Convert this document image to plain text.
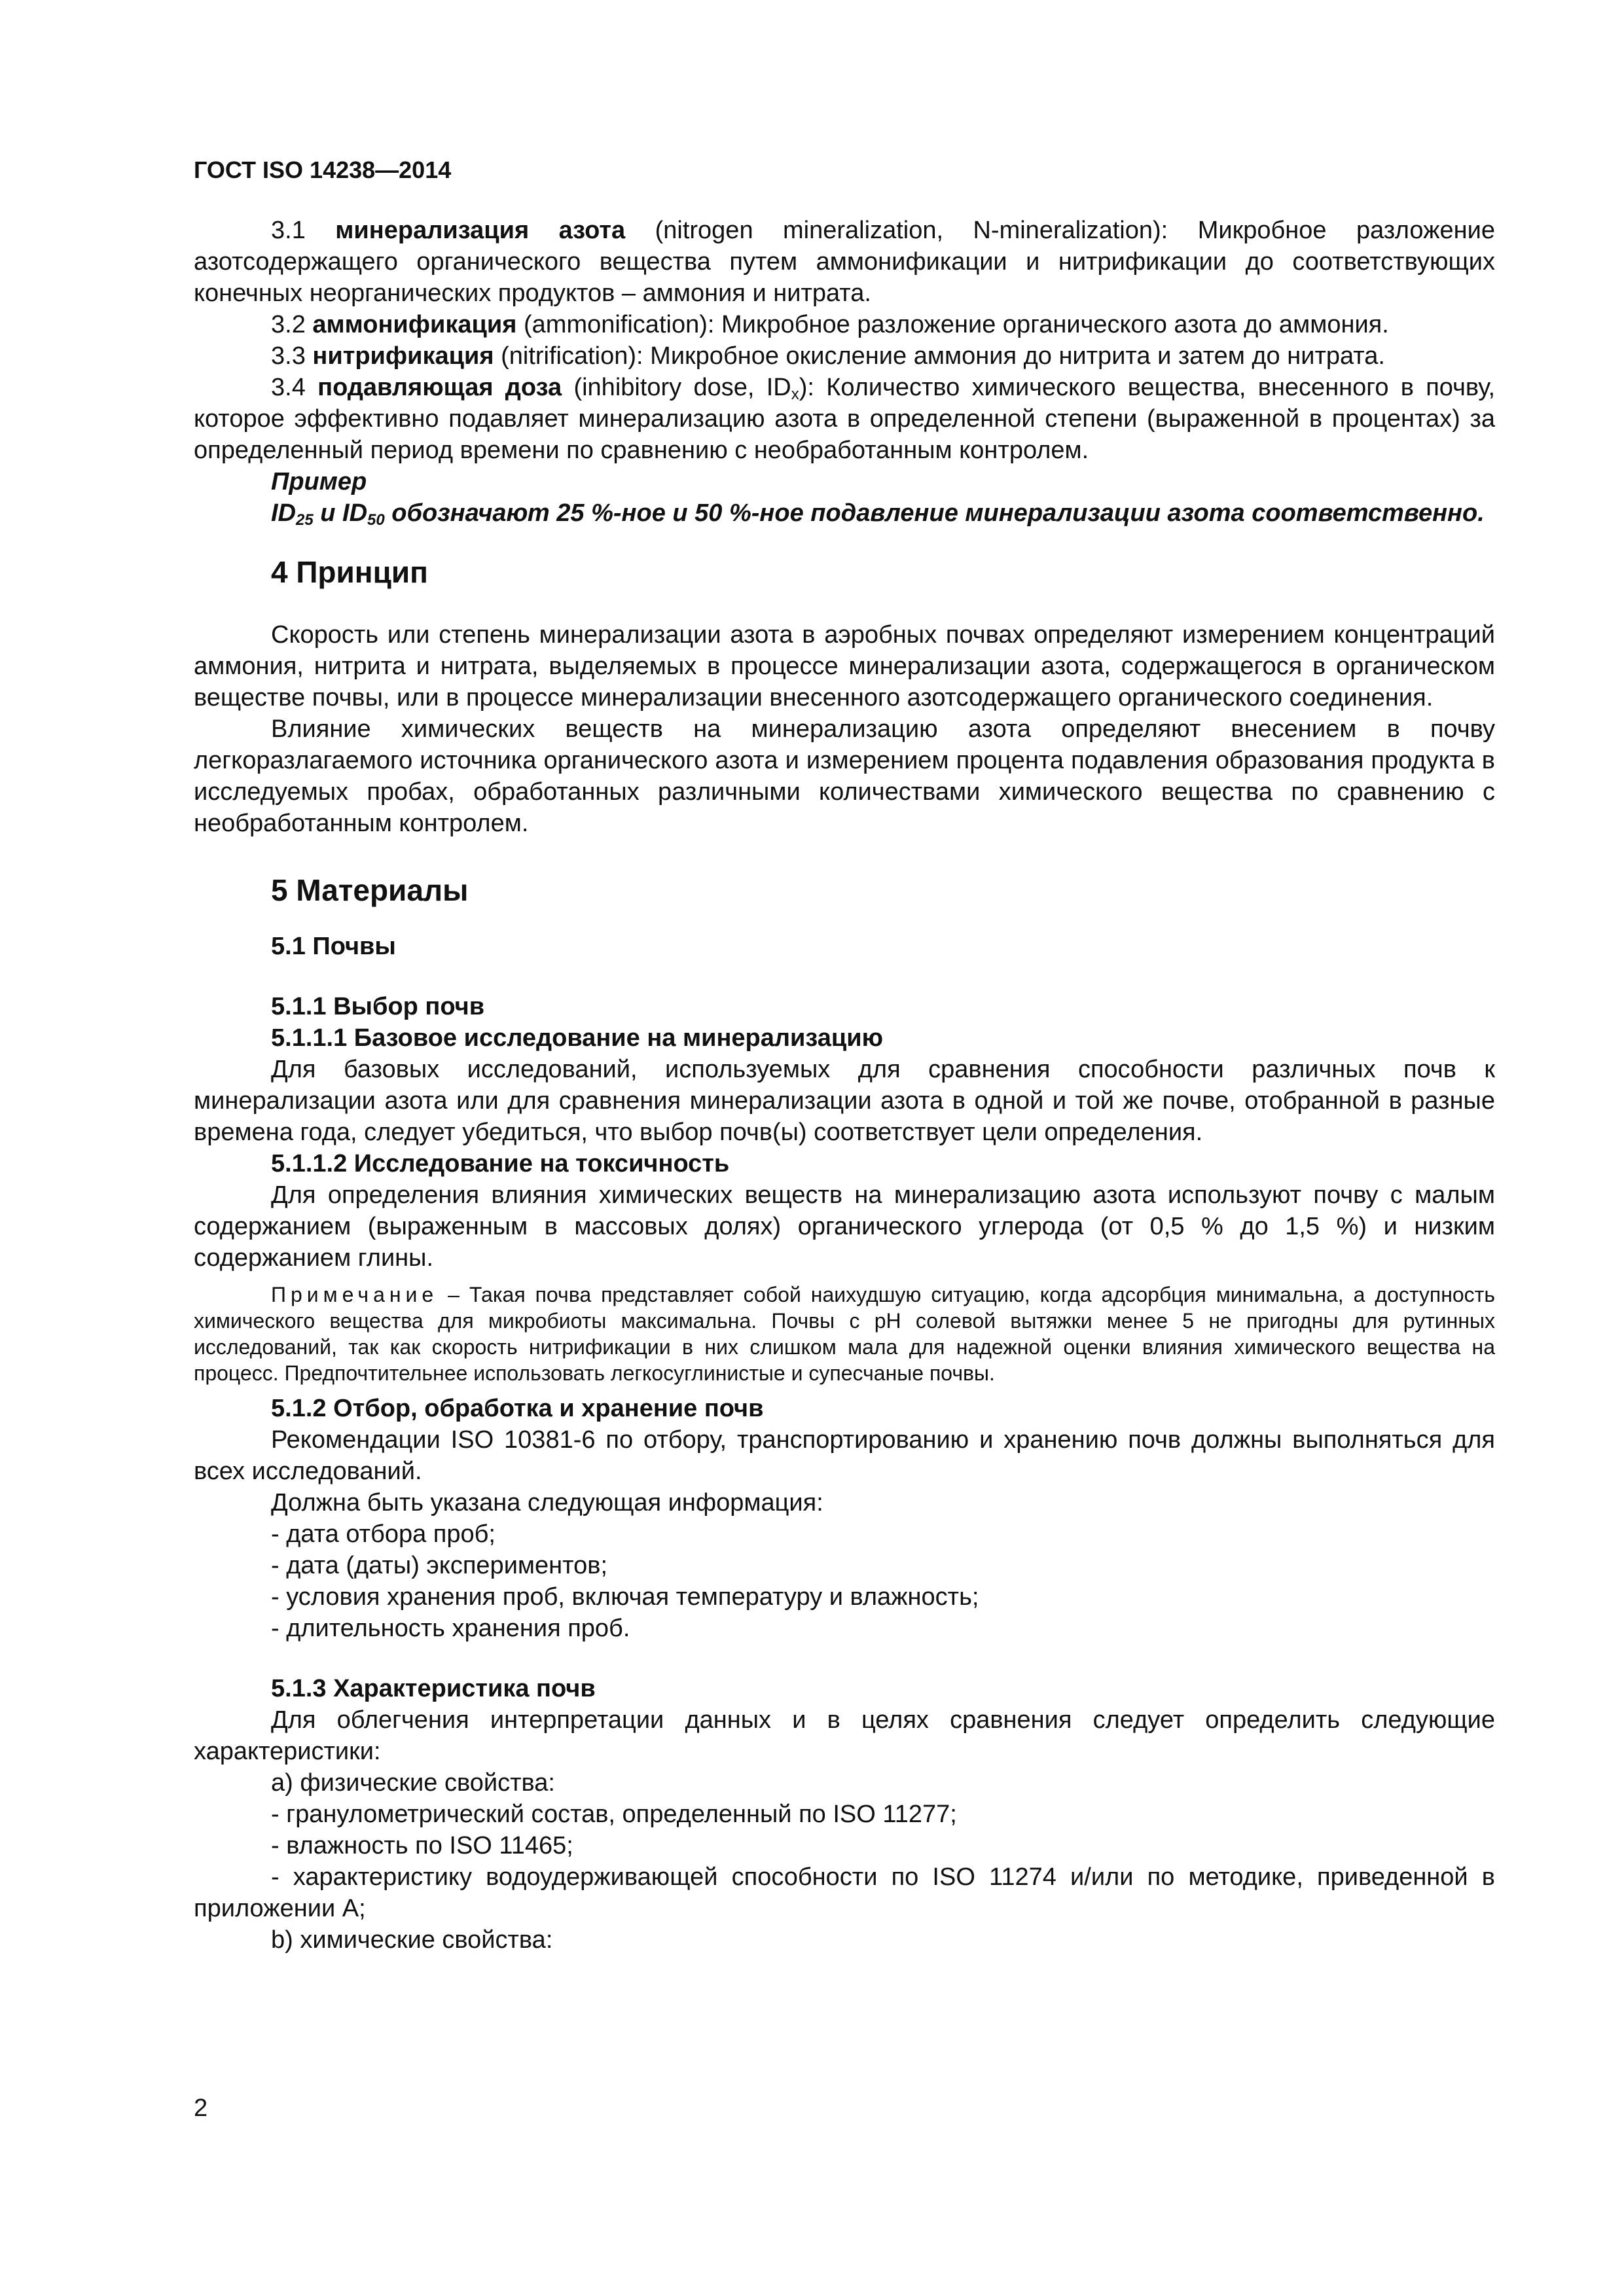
ГОСТ ISO 14238—2014

3.1 минерализация азота (nitrogen mineralization, N-mineralization): Микробное разложение азотсодержащего органического вещества путем аммонификации и нитрификации до соответствующих конечных неорганических продуктов – аммония и нитрата.

3.2 аммонификация (ammonification): Микробное разложение органического азота до аммония.

3.3 нитрификация (nitrification): Микробное окисление аммония до нитрита и затем до нитрата.

3.4 подавляющая доза (inhibitory dose, $ID_x$): Количество химического вещества, внесенного в почву, которое эффективно подавляет минерализацию азота в определенной степени (выраженной в процентах) за определенный период времени по сравнению с необработанным контролем.

Пример

$ID_{25}$ и $ID_{50}$ обозначают 25 %-ное и 50 %-ное подавление минерализации азота соответственно.

4 Принцип

Скорость или степень минерализации азота в аэробных почвах определяют измерением концентраций аммония, нитрита и нитрата, выделяемых в процессе минерализации азота, содержащегося в органическом веществе почвы, или в процессе минерализации внесенного азотсодержащего органического соединения.

Влияние химических веществ на минерализацию азота определяют внесением в почву легкоразлагаемого источника органического азота и измерением процента подавления образования продукта в исследуемых пробах, обработанных различными количествами химического вещества по сравнению с необработанным контролем.

5 Материалы

5.1 Почвы

5.1.1 Выбор почв

5.1.1.1 Базовое исследование на минерализацию

Для базовых исследований, используемых для сравнения способности различных почв к минерализации азота или для сравнения минерализации азота в одной и той же почве, отобранной в разные времена года, следует убедиться, что выбор почв(ы) соответствует цели определения.

5.1.1.2 Исследование на токсичность

Для определения влияния химических веществ на минерализацию азота используют почву с малым содержанием (выраженным в массовых долях) органического углерода (от 0,5 % до 1,5 %) и низким содержанием глины.

Примечание – Такая почва представляет собой наихудшую ситуацию, когда адсорбция минимальна, а доступность химического вещества для микробиоты максимальна. Почвы с pH солевой вытяжки менее 5 не пригодны для рутинных исследований, так как скорость нитрификации в них слишком мала для надежной оценки влияния химического вещества на процесс. Предпочтительнее использовать легкосуглинистые и супесчаные почвы.

5.1.2 Отбор, обработка и хранение почв

Рекомендации ISO 10381-6 по отбору, транспортированию и хранению почв должны выполняться для всех исследований.

Должна быть указана следующая информация:

- дата отбора проб;

- дата (даты) экспериментов;

- условия хранения проб, включая температуру и влажность;

- длительность хранения проб.

5.1.3 Характеристика почв

Для облегчения интерпретации данных и в целях сравнения следует определить следующие характеристики:

a) физические свойства:

- гранулометрический состав, определенный по ISO 11277;

- влажность по ISO 11465;

- характеристику водоудерживающей способности по ISO 11274 и/или по методике, приведенной в приложении А;

b) химические свойства:

2
